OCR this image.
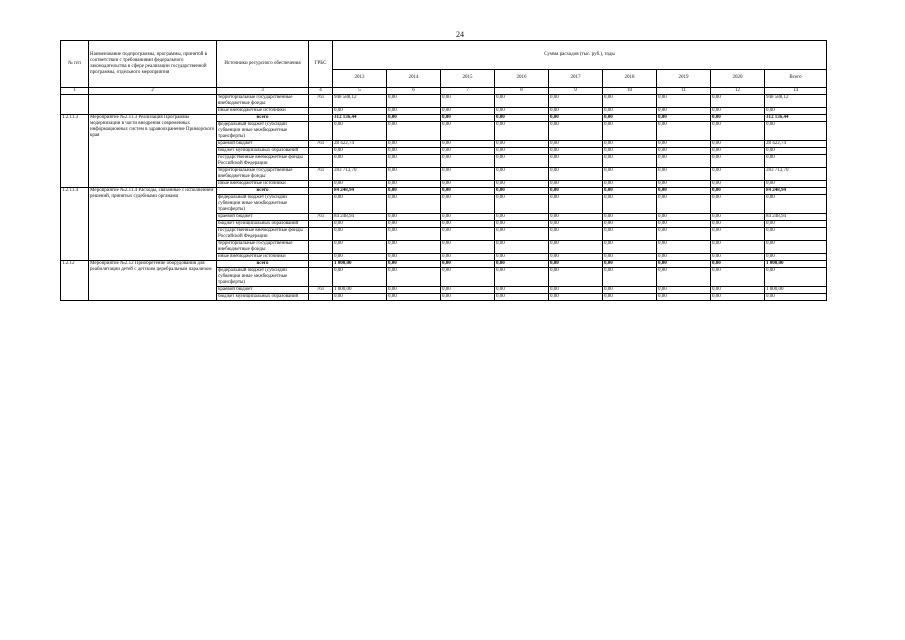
24
№ п/п	Наименование подпрограммы, программы, принятой в соответствии с требованиями федерального законодательства в сфере реализации государственной программы, отдельного мероприятия	Источники ресурсного обеспечения	ГРБС	Сумма расходов (тыс. руб.), годы								
				2013	2014	2015	2016	2017	2018	2019	2020	Всего
1	2	3	4	5	6	7	8	9	10	11	12	14
		территориальные государственные внебюджетные фонды	761	948 588,12	0,00	0,00	0,00	0,00	0,00	0,00	0,00	948 588,12
		иные внебюджетные источники		0,00	0,00	0,00	0,00	0,00	0,00	0,00	0,00	0,00
1.2.11.3	Мероприятие №2.11.3 Реализация Программы модернизации в части внедрения современных информационных систем в здравоохранение Приморского края	всего		312 136,44	0,00	0,00	0,00	0,00	0,00	0,00	0,00	312 136,44
		федеральный бюджет (субсидии субвенции иные межбюджетные трансферты)		0,00	0,00	0,00	0,00	0,00	0,00	0,00	0,00	0,00
		краевой бюджет	761	28 422,74	0,00	0,00	0,00	0,00	0,00	0,00	0,00	28 422,74
		бюджет муниципальных образований		0,00	0,00	0,00	0,00	0,00	0,00	0,00	0,00	0,00
		государственные внебюджетные фонды Российской Федерации		0,00	0,00	0,00	0,00	0,00	0,00	0,00	0,00	0,00
		территориальные государственные внебюджетные фонды	761	283 713,70	0,00	0,00	0,00	0,00	0,00	0,00	0,00	283 713,70
		иные внебюджетные источники		0,00	0,00	0,00	0,00	0,00	0,00	0,00	0,00	0,00
1.2.11.4	Мероприятие №2.11.4 Расходы, связанные с исполнением решений, принятых судебными органами	всего		84 248,94	0,00	0,00	0,00	0,00	0,00	0,00	0,00	84 248,94
		федеральный бюджет (субсидии субвенции иные межбюджетные трансферты)		0,00	0,00	0,00	0,00	0,00	0,00	0,00	0,00	0,00
		краевой бюджет	761	84 248,94	0,00	0,00	0,00	0,00	0,00	0,00	0,00	84 248,94
		бюджет муниципальных образований		0,00	0,00	0,00	0,00	0,00	0,00	0,00	0,00	0,00
		государственные внебюджетные фонды Российской Федерации		0,00	0,00	0,00	0,00	0,00	0,00	0,00	0,00	0,00
		территориальные государственные внебюджетные фонды		0,00	0,00	0,00	0,00	0,00	0,00	0,00	0,00	0,00
		иные внебюджетные источники		0,00	0,00	0,00	0,00	0,00	0,00	0,00	0,00	0,00
1.2.12	Мероприятие №2.12 Приобретение оборудования для реабилитации детей с детским церебральным параличом	всего		1 000,00	0,00	0,00	0,00	0,00	0,00	0,00	0,00	1 000,00
		федеральный бюджет (субсидии субвенции иные межбюджетные трансферты)		0,00	0,00	0,00	0,00	0,00	0,00	0,00	0,00	0,00
		краевой бюджет	761	1 000,00	0,00	0,00	0,00	0,00	0,00	0,00	0,00	1 000,00
		бюджет муниципальных образований		0,00	0,00	0,00	0,00	0,00	0,00	0,00	0,00	0,00
